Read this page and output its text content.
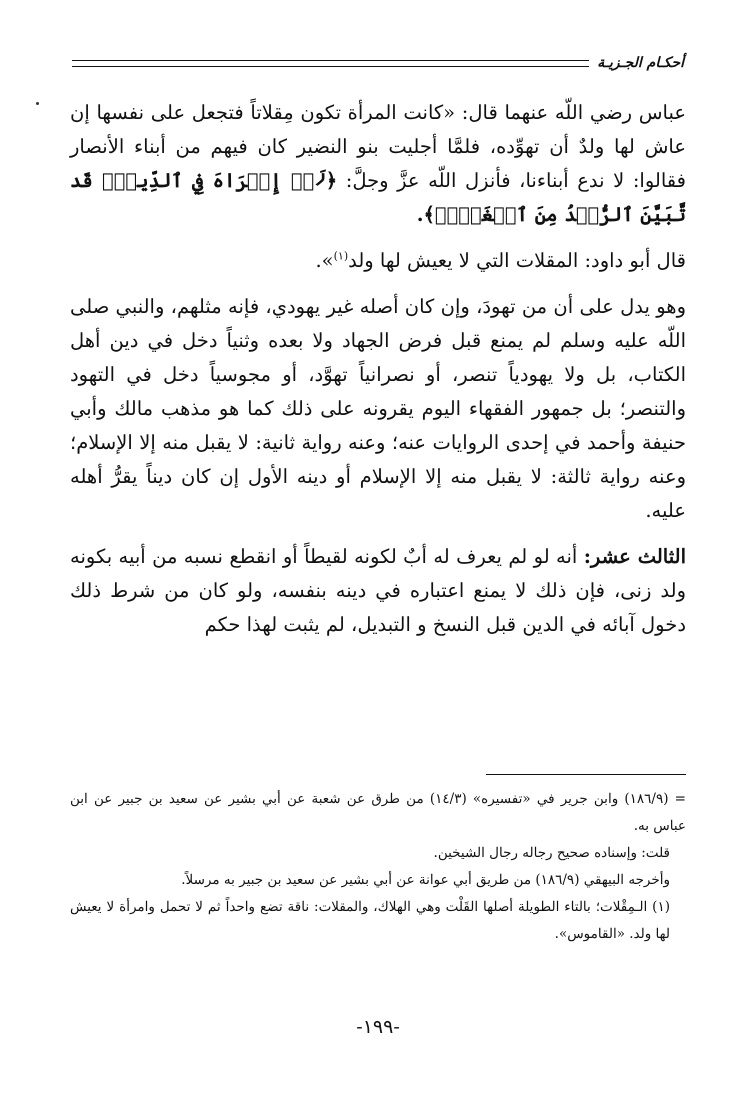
أحكـام الجـزيـة

عباس رضي اللّه عنهما قال: «كانت المرأة تكون مِقلاتاً فتجعل على نفسها إن عاش لها ولدٌ أن تهوِّده، فلمَّا أجليت بنو النضير كان فيهم من أبناء الأنصار فقالوا: لا ندع أبناءنا، فأنزل اللّه عزَّ وجلَّ: ﴿لَاۤ إِكۡرَاهَ فِي ٱلدِّينِۖ قَد تَّبَيَّنَ ٱلرُّشۡدُ مِنَ ٱلۡغَيِّۚ﴾.

قال أبو داود: المقلات التي لا يعيش لها ولد$^{(١)}$».

وهو يدل على أن من تهودَ، وإن كان أصله غير يهودي، فإنه مثلهم، والنبي صلى اللّه عليه وسلم لم يمنع قبل فرض الجهاد ولا بعده وثنياً دخل في دين أهل الكتاب، بل ولا يهودياً تنصر، أو نصرانياً تهوَّد، أو مجوسياً دخل في التهود والتنصر؛ بل جمهور الفقهاء اليوم يقرونه على ذلك كما هو مذهب مالك وأبي حنيفة وأحمد في إحدى الروايات عنه؛ وعنه رواية ثانية: لا يقبل منه إلا الإسلام؛ وعنه رواية ثالثة: لا يقبل منه إلا الإسلام أو دينه الأول إن كان ديناً يقرُّ أهله عليه.

الثالث عشر: أنه لو لم يعرف له أبٌ لكونه لقيطاً أو انقطع نسبه من أبيه بكونه ولد زنى، فإن ذلك لا يمنع اعتباره في دينه بنفسه، ولو كان من شرط ذلك دخول آبائه في الدين قبل النسخ و التبديل، لم يثبت لهذا حكم

= (١٨٦/٩) وابن جرير في «تفسيره» (١٤/٣) من طرق عن شعبة عن أبي بشير عن سعيد بن جبير عن ابن عباس به.

قلت: وإسناده صحيح رجاله رجال الشيخين.

وأخرجه البيهقي (١٨٦/٩) من طريق أبي عوانة عن أبي بشير عن سعيد بن جبير به مرسلاً.

(١) الـمِقْلات؛ بالتاء الطويلة أصلها القَلْت وهي الهلاك، والمقلات: ناقة تضع واحداً ثم لا تحمل وامرأة لا يعيش لها ولد. «القاموس».

-١٩٩-
